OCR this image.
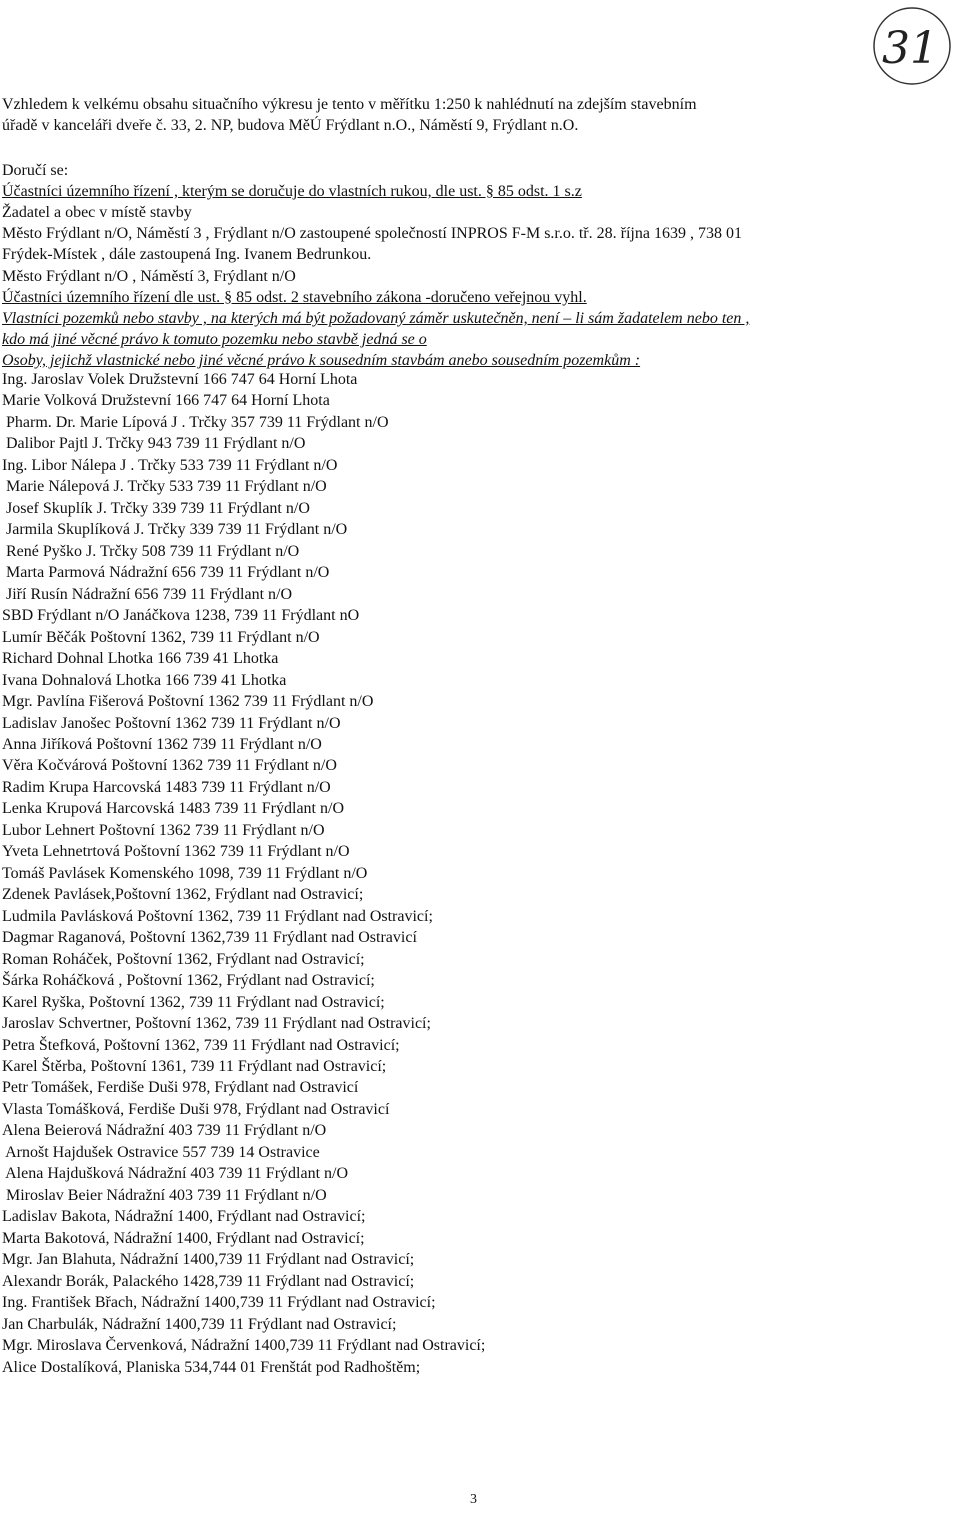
31
Vzhledem k velkému obsahu situačního výkresu je tento v měřítku 1:250 k nahlédnutí na zdejším stavebním
úřadě v kanceláři dveře č. 33, 2. NP, budova MěÚ Frýdlant n.O., Náměstí 9, Frýdlant n.O.
Doručí se:
Účastníci územního řízení , kterým se doručuje do vlastních rukou, dle ust. § 85 odst. 1 s.z
Žadatel a obec v místě stavby
Město Frýdlant n/O, Náměstí 3 , Frýdlant n/O zastoupené společností INPROS F-M s.r.o. tř. 28. října 1639 , 738 01
Frýdek-Místek , dále zastoupená Ing. Ivanem Bedrunkou.
Město Frýdlant n/O , Náměstí 3, Frýdlant n/O
Účastníci územního řízení dle ust. § 85 odst. 2 stavebního zákona -doručeno veřejnou vyhl.
Vlastníci pozemků nebo stavby , na kterých má být požadovaný záměr uskutečněn, není – li sám žadatelem nebo ten ,
kdo má jiné věcné právo k tomuto pozemku nebo stavbě jedná se o
Osoby, jejichž vlastnické nebo jiné věcné právo k sousedním stavbám anebo sousedním pozemkům :
Ing. Jaroslav Volek Družstevní 166 747 64 Horní Lhota
Marie Volková Družstevní 166 747 64 Horní Lhota
Pharm. Dr. Marie Lípová J . Trčky 357 739 11 Frýdlant n/O
Dalibor Pajtl J. Trčky 943 739 11 Frýdlant n/O
Ing. Libor Nálepa J . Trčky 533 739 11 Frýdlant n/O
Marie Nálepová J. Trčky 533 739 11 Frýdlant n/O
Josef Skuplík J. Trčky 339 739 11 Frýdlant n/O
Jarmila Skuplíková J. Trčky 339 739 11 Frýdlant n/O
René Pyško J. Trčky 508 739 11 Frýdlant n/O
Marta Parmová Nádražní 656 739 11 Frýdlant n/O
Jiří Rusín Nádražní 656 739 11 Frýdlant n/O
SBD Frýdlant n/O Janáčkova 1238, 739 11 Frýdlant nO
Lumír Běčák Poštovní 1362, 739 11 Frýdlant n/O
Richard Dohnal Lhotka 166 739 41 Lhotka
Ivana Dohnalová Lhotka 166 739 41 Lhotka
Mgr. Pavlína Fišerová Poštovní 1362 739 11 Frýdlant n/O
Ladislav Janošec Poštovní 1362 739 11 Frýdlant n/O
Anna Jiříková Poštovní 1362 739 11 Frýdlant n/O
Věra Kočvárová Poštovní 1362 739 11 Frýdlant n/O
Radim Krupa Harcovská 1483 739 11 Frýdlant n/O
Lenka Krupová Harcovská 1483 739 11 Frýdlant n/O
Lubor Lehnert Poštovní 1362 739 11 Frýdlant n/O
Yveta Lehnetrtová Poštovní 1362 739 11 Frýdlant n/O
Tomáš Pavlásek Komenského 1098, 739 11 Frýdlant n/O
Zdenek Pavlásek,Poštovní 1362, Frýdlant nad Ostravicí;
Ludmila Pavlásková Poštovní 1362, 739 11 Frýdlant nad Ostravicí;
Dagmar Raganová, Poštovní 1362,739 11 Frýdlant nad Ostravicí
Roman Roháček, Poštovní 1362, Frýdlant nad Ostravicí;
Šárka Roháčková , Poštovní 1362, Frýdlant nad Ostravicí;
Karel Ryška, Poštovní 1362, 739 11 Frýdlant nad Ostravicí;
Jaroslav Schvertner, Poštovní 1362, 739 11 Frýdlant nad Ostravicí;
Petra Štefková, Poštovní 1362, 739 11 Frýdlant nad Ostravicí;
Karel Štěrba, Poštovní 1361, 739 11 Frýdlant nad Ostravicí;
Petr Tomášek, Ferdiše Duši 978, Frýdlant nad Ostravicí
Vlasta Tomášková, Ferdiše Duši 978, Frýdlant nad Ostravicí
Alena Beierová Nádražní 403 739 11 Frýdlant n/O
Arnošt Hajdušek Ostravice 557 739 14 Ostravice
Alena Hajdušková Nádražní 403 739 11 Frýdlant n/O
Miroslav Beier Nádražní 403 739 11 Frýdlant n/O
Ladislav Bakota, Nádražní 1400, Frýdlant nad Ostravicí;
Marta Bakotová, Nádražní 1400, Frýdlant nad Ostravicí;
Mgr. Jan Blahuta, Nádražní 1400,739 11 Frýdlant nad Ostravicí;
Alexandr Borák, Palackého 1428,739 11 Frýdlant nad Ostravicí;
Ing. František Břach, Nádražní 1400,739 11 Frýdlant nad Ostravicí;
Jan Charbulák, Nádražní 1400,739 11 Frýdlant nad Ostravicí;
Mgr. Miroslava Červenková, Nádražní 1400,739 11 Frýdlant nad Ostravicí;
Alice Dostalíková, Planiska 534,744 01 Frenštát pod Radhoštěm;
3
